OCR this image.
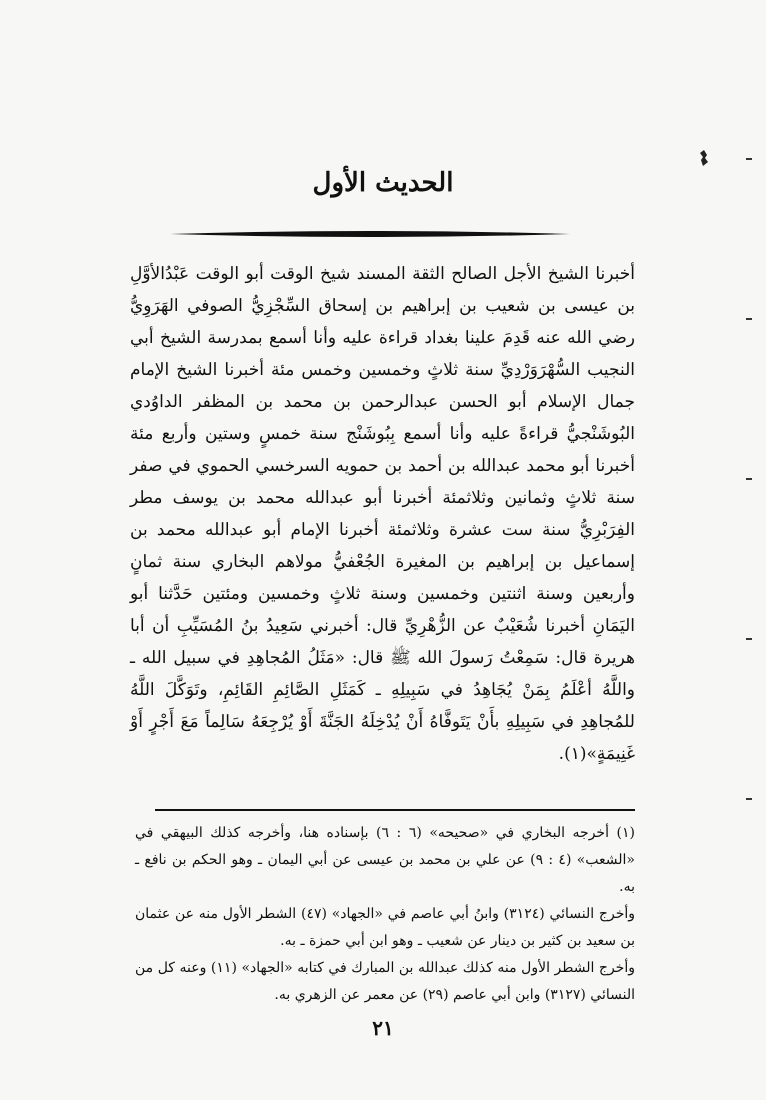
الحديث الأول

أخبرنا الشيخ الأجل الصالح الثقة المسند شيخ الوقت أبو الوقت عَبْدُالأوَّلِ بن عيسى بن شعيب بن إبراهيم بن إسحاق السِّجْزِيُّ الصوفي الهَرَوِيُّ رضي الله عنه قَدِمَ علينا بغداد قراءة عليه وأنا أسمع بمدرسة الشيخ أبي النجيب السُّهْرَوَرْدِيِّ سنة ثلاثٍ وخمسين وخمس مئة أخبرنا الشيخ الإمام جمال الإسلام أبو الحسن عبدالرحمن بن محمد بن المظفر الداوُدي البُوشَنْجيُّ قراءةً عليه وأنا أسمع بِبُوشَنْج سنة خمسٍ وستين وأربع مئة أخبرنا أبو محمد عبدالله بن أحمد بن حمويه السرخسي الحموي في صفر سنة ثلاثٍ وثمانين وثلاثمئة أخبرنا أبو عبدالله محمد بن يوسف مطر الفِرَبْرِيُّ سنة ست عشرة وثلاثمئة أخبرنا الإمام أبو عبدالله محمد بن إسماعيل بن إبراهيم بن المغيرة الجُعْفيُّ مولاهم البخاري سنة ثمانٍ وأربعين وسنة اثنتين وخمسين وسنة ثلاثٍ وخمسين ومئتين حَدَّثنا أبو اليَمَانِ أخبرنا شُعَيْبٌ عن الزُّهْرِيِّ قال: أخبرني سَعِيدُ بنُ المُسَيِّبِ أن أبا هريرة قال: سَمِعْتُ رَسولَ الله ﷺ قال: «مَثَلُ المُجاهِدِ في سبيل الله ـ واللَّهُ أعْلَمُ بِمَنْ يُجَاهِدُ في سَبِيلِهِ ـ كَمَثَلِ الصَّائِمِ القَائِمِ، وتَوَكَّلَ اللَّهُ للمُجاهِدِ في سَبِيلِهِ بأَنْ يَتَوفَّاهُ أَنْ يُدْخِلَهُ الجَنَّةَ أَوْ يُرْجِعَهُ سَالِماً مَعَ أَجْرٍ أَوْ غَنِيمَةٍ»(١).

(١) أخرجه البخاري في «صحيحه» (٦ : ٦) بإسناده هنا، وأخرجه كذلك البيهقي في «الشعب» (٤ : ٩) عن علي بن محمد بن عيسى عن أبي اليمان ـ وهو الحكم بن نافع ـ به.

وأخرج النسائي (٣١٢٤) وابنُ أبي عاصم في «الجهاد» (٤٧) الشطر الأول منه عن عثمان بن سعيد بن كثير بن دينار عن شعيب ـ وهو ابن أبي حمزة ـ به.

وأخرج الشطر الأول منه كذلك عبدالله بن المبارك في كتابه «الجهاد» (١١) وعنه كل من النسائي (٣١٢٧) وابن أبي عاصم (٢٩) عن معمر عن الزهري به.

٢١
